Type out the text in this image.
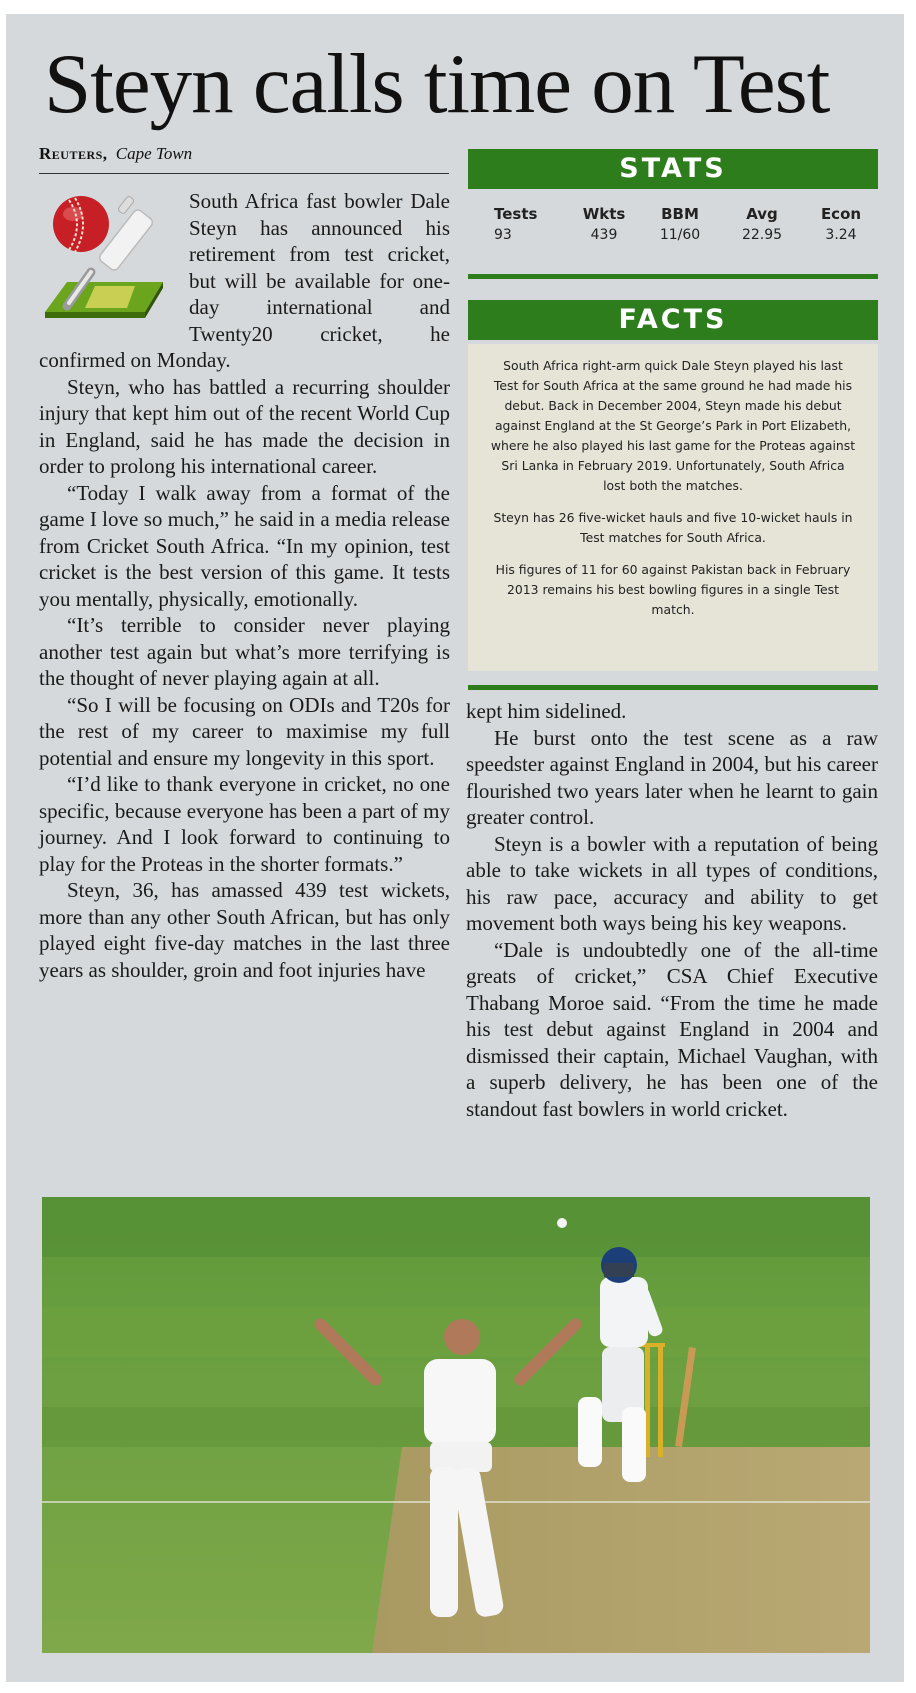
Steyn calls time on Test
Reuters, Cape Town

South Africa fast bowler Dale Steyn has announced his retirement from test cricket, but will be available for one-day international and Twenty20 cricket, he confirmed on Monday.

Steyn, who has battled a recurring shoulder injury that kept him out of the recent World Cup in England, said he has made the decision in order to prolong his international career.

“Today I walk away from a format of the game I love so much,” he said in a media release from Cricket South Africa. “In my opinion, test cricket is the best version of this game. It tests you mentally, physically, emotionally.

“It’s terrible to consider never playing another test again but what’s more terrifying is the thought of never playing again at all.

“So I will be focusing on ODIs and T20s for the rest of my career to maximise my full potential and ensure my longevity in this sport.

“I’d like to thank everyone in cricket, no one specific, because everyone has been a part of my journey. And I look forward to continuing to play for the Proteas in the shorter formats.”

Steyn, 36, has amassed 439 test wickets, more than any other South African, but has only played eight five-day matches in the last three years as shoulder, groin and foot injuries have

STATS
Tests	Wkts	BBM	Avg	Econ
93	439	11/60	22.95	3.24
FACTS

South Africa right-arm quick Dale Steyn played his last Test for South Africa at the same ground he had made his debut. Back in December 2004, Steyn made his debut against England at the St George’s Park in Port Elizabeth, where he also played his last game for the Proteas against Sri Lanka in February 2019. Unfortunately, South Africa lost both the matches.

Steyn has 26 five-wicket hauls and five 10-wicket hauls in Test matches for South Africa.

His figures of 11 for 60 against Pakistan back in February 2013 remains his best bowling figures in a single Test match.

kept him sidelined.

He burst onto the test scene as a raw speedster against England in 2004, but his career flourished two years later when he learnt to gain greater control.

Steyn is a bowler with a reputation of being able to take wickets in all types of conditions, his raw pace, accuracy and ability to get movement both ways being his key weapons.

“Dale is undoubtedly one of the all-time greats of cricket,” CSA Chief Executive Thabang Moroe said. “From the time he made his test debut against England in 2004 and dismissed their captain, Michael Vaughan, with a superb delivery, he has been one of the standout fast bowlers in world cricket.
